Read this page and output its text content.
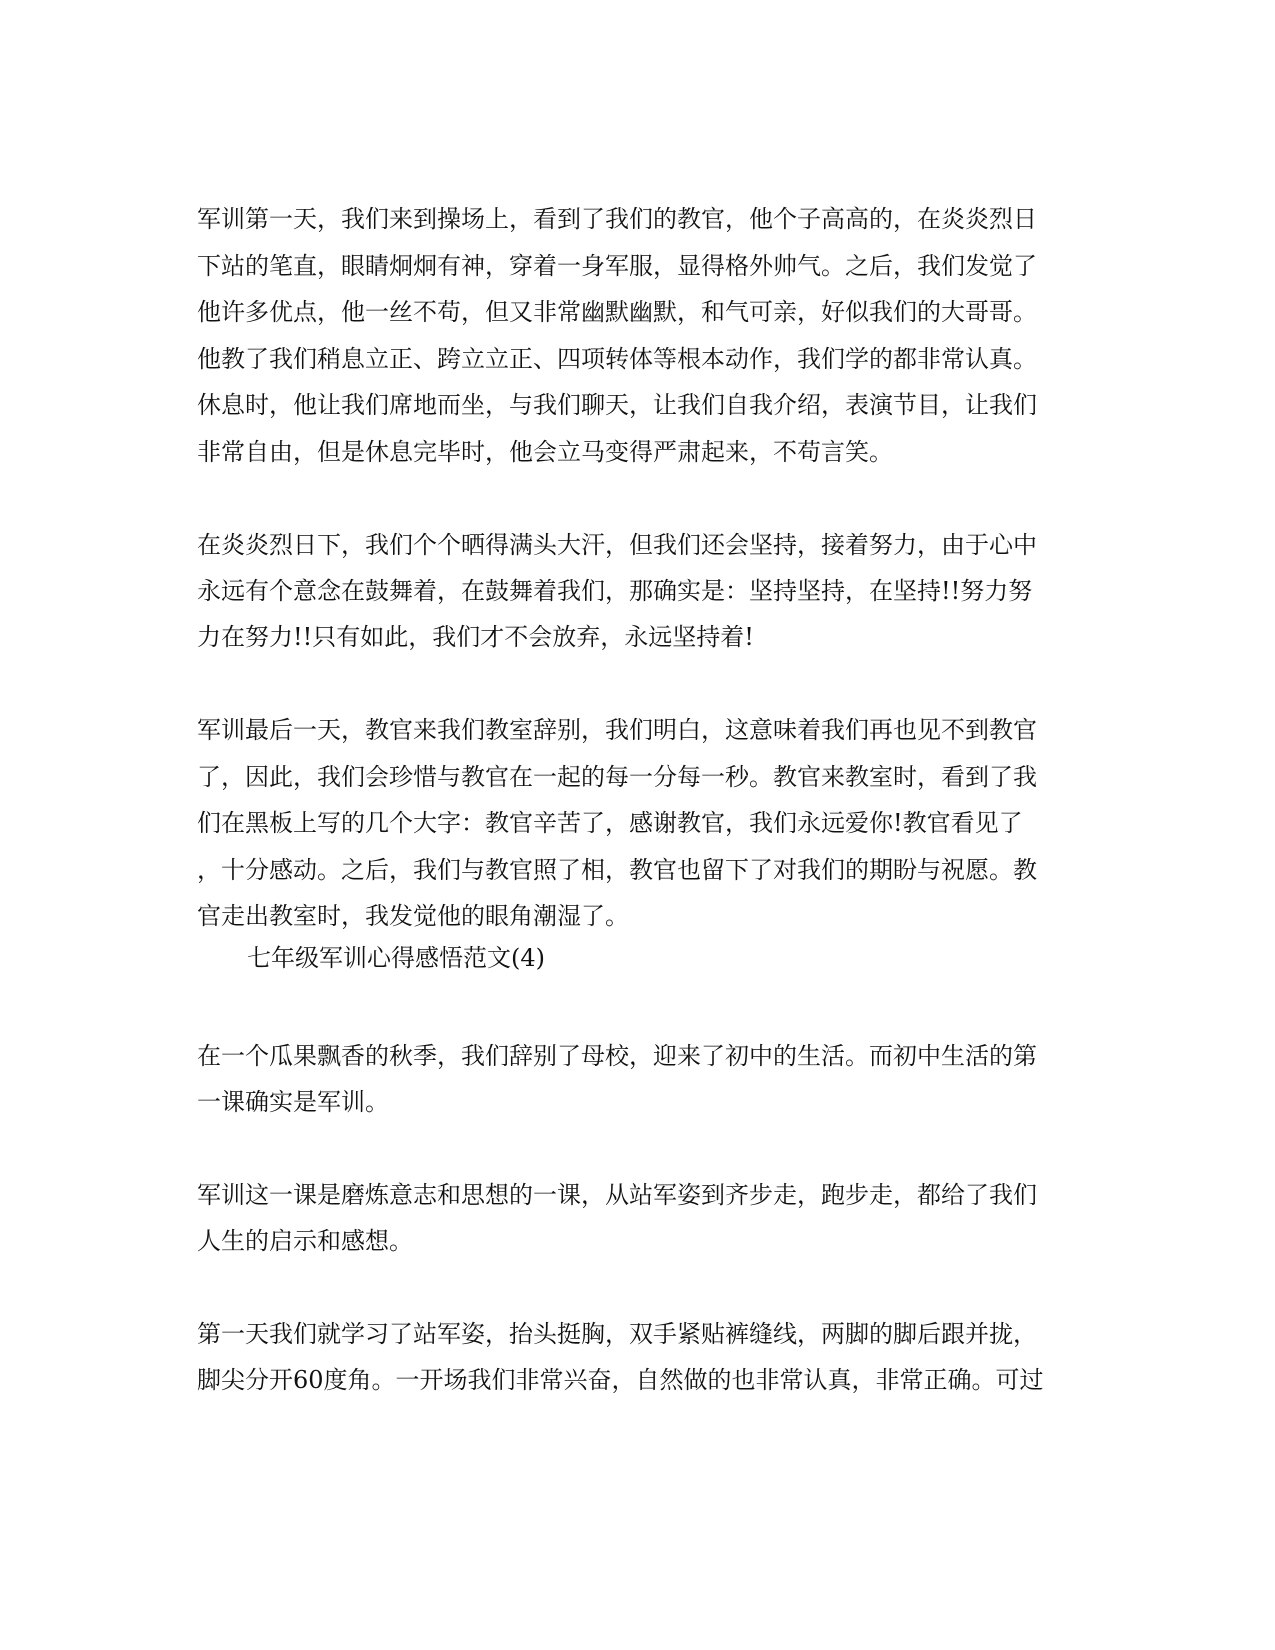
军训第一天，我们来到操场上，看到了我们的教官，他个子高高的，在炎炎烈日
下站的笔直，眼睛炯炯有神，穿着一身军服，显得格外帅气。之后，我们发觉了
他许多优点，他一丝不苟，但又非常幽默幽默，和气可亲，好似我们的大哥哥。
他教了我们稍息立正、跨立立正、四项转体等根本动作，我们学的都非常认真。
休息时，他让我们席地而坐，与我们聊天，让我们自我介绍，表演节目，让我们
非常自由，但是休息完毕时，他会立马变得严肃起来，不苟言笑。
在炎炎烈日下，我们个个晒得满头大汗，但我们还会坚持，接着努力，由于心中
永远有个意念在鼓舞着，在鼓舞着我们，那确实是：坚持坚持，在坚持!!努力努
力在努力!!只有如此，我们才不会放弃，永远坚持着!
军训最后一天，教官来我们教室辞别，我们明白，这意味着我们再也见不到教官
了，因此，我们会珍惜与教官在一起的每一分每一秒。教官来教室时，看到了我
们在黑板上写的几个大字：教官辛苦了，感谢教官，我们永远爱你!教官看见了
，十分感动。之后，我们与教官照了相，教官也留下了对我们的期盼与祝愿。教
官走出教室时，我发觉他的眼角潮湿了。
七年级军训心得感悟范文(4)
在一个瓜果飘香的秋季，我们辞别了母校，迎来了初中的生活。而初中生活的第
一课确实是军训。
军训这一课是磨炼意志和思想的一课，从站军姿到齐步走，跑步走，都给了我们
人生的启示和感想。
第一天我们就学习了站军姿，抬头挺胸，双手紧贴裤缝线，两脚的脚后跟并拢，
脚尖分开60度角。一开场我们非常兴奋，自然做的也非常认真，非常正确。可过
